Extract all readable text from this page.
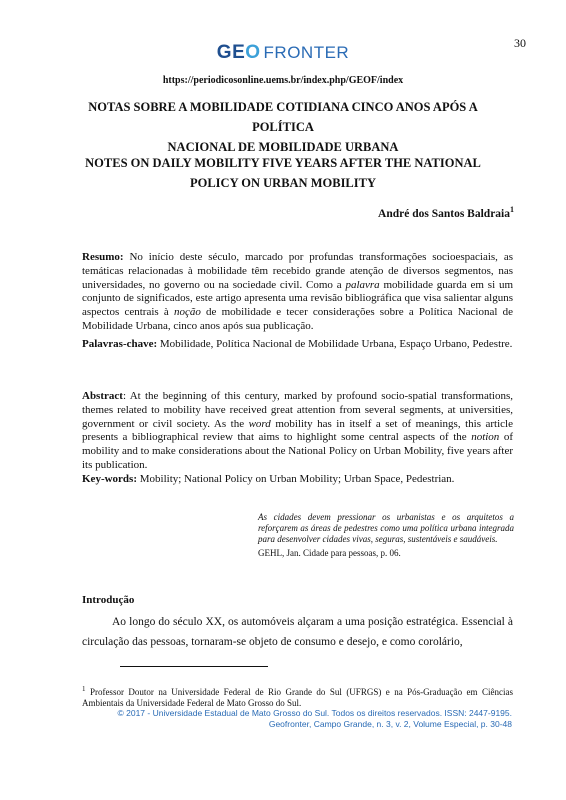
30
GEO FRONTER
https://periodicosonline.uems.br/index.php/GEOF/index
NOTAS SOBRE A MOBILIDADE COTIDIANA CINCO ANOS APÓS A POLÍTICA
NACIONAL DE MOBILIDADE URBANA
NOTES ON DAILY MOBILITY FIVE YEARS AFTER THE NATIONAL
POLICY ON URBAN MOBILITY
André dos Santos Baldraia$^1$
Resumo: No início deste século, marcado por profundas transformações socioespaciais, as temáticas relacionadas à mobilidade têm recebido grande atenção de diversos segmentos, nas universidades, no governo ou na sociedade civil. Como a palavra mobilidade guarda em si um conjunto de significados, este artigo apresenta uma revisão bibliográfica que visa salientar alguns aspectos centrais à noção de mobilidade e tecer considerações sobre a Política Nacional de Mobilidade Urbana, cinco anos após sua publicação.
Palavras-chave: Mobilidade, Política Nacional de Mobilidade Urbana, Espaço Urbano, Pedestre.
Abstract: At the beginning of this century, marked by profound socio-spatial transformations, themes related to mobility have received great attention from several segments, at universities, government or civil society. As the word mobility has in itself a set of meanings, this article presents a bibliographical review that aims to highlight some central aspects of the notion of mobility and to make considerations about the National Policy on Urban Mobility, five years after its publication.
Key-words: Mobility; National Policy on Urban Mobility; Urban Space, Pedestrian.
As cidades devem pressionar os urbanistas e os arquitetos a reforçarem as áreas de pedestres como uma política urbana integrada para desenvolver cidades vivas, seguras, sustentáveis e saudáveis.
GEHL, Jan. Cidade para pessoas, p. 06.
Introdução
Ao longo do século XX, os automóveis alçaram a uma posição estratégica. Essencial à circulação das pessoas, tornaram-se objeto de consumo e desejo, e como corolário,
$^1$ Professor Doutor na Universidade Federal de Rio Grande do Sul (UFRGS) e na Pós-Graduação em Ciências Ambientais da Universidade Federal de Mato Grosso do Sul.
© 2017 - Universidade Estadual de Mato Grosso do Sul. Todos os direitos reservados. ISSN: 2447-9195.
Geofronter, Campo Grande, n. 3, v. 2, Volume Especial, p. 30-48
